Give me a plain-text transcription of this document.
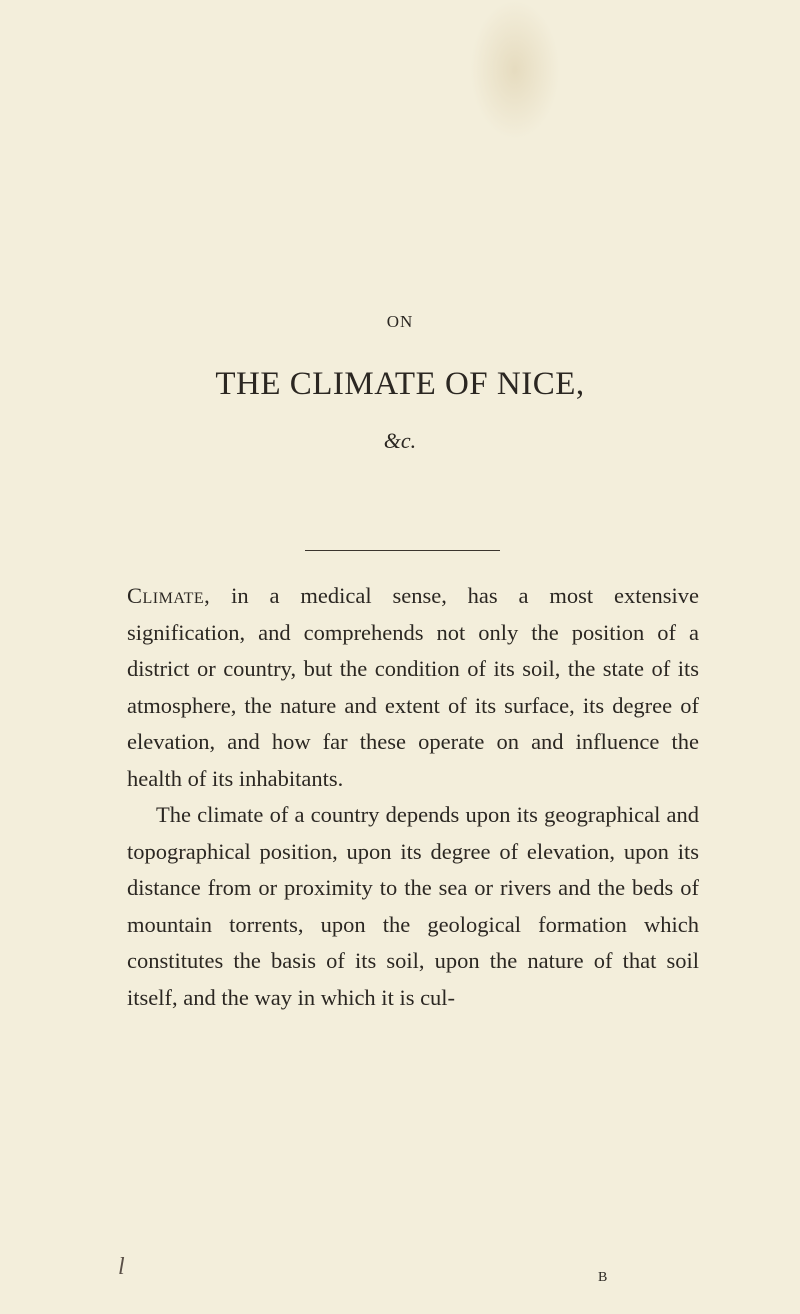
ON
THE CLIMATE OF NICE,
&c.

Climate, in a medical sense, has a most extensive signification, and comprehends not only the position of a district or country, but the condition of its soil, the state of its atmosphere, the nature and extent of its surface, its degree of elevation, and how far these operate on and influence the health of its inhabitants.

The climate of a country depends upon its geographical and topographical position, upon its degree of elevation, upon its distance from or proximity to the sea or rivers and the beds of mountain torrents, upon the geological formation which constitutes the basis of its soil, upon the nature of that soil itself, and the way in which it is cul-

l	B
